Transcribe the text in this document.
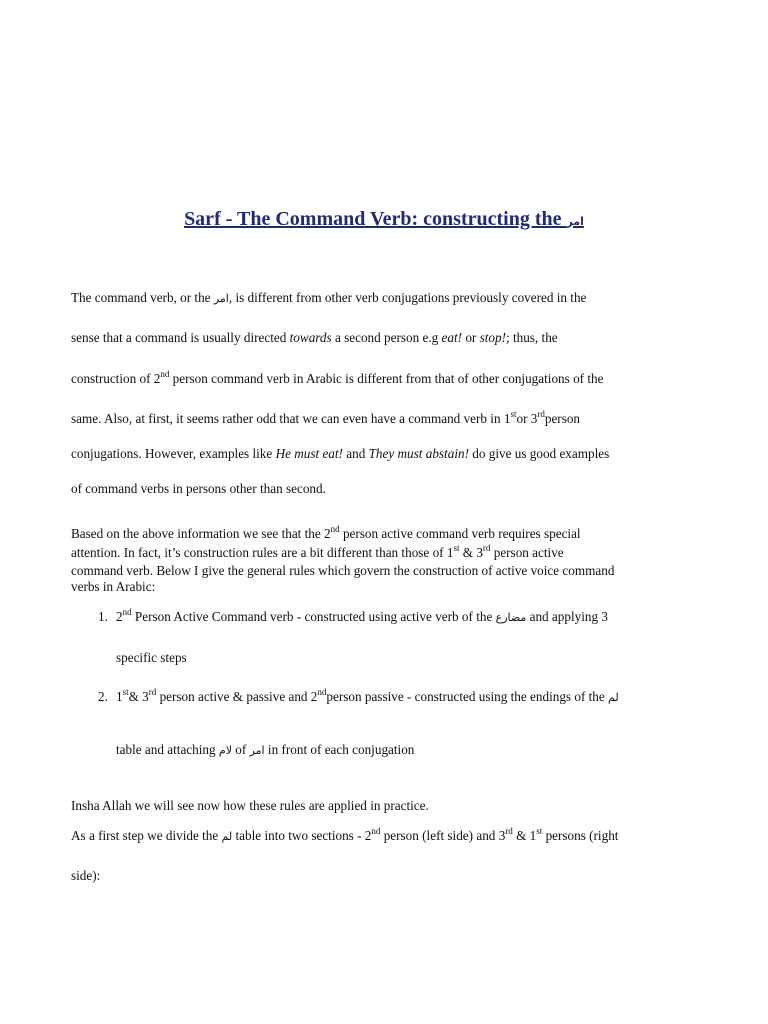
Sarf - The Command Verb: constructing the امر
The command verb, or the امر, is different from other verb conjugations previously covered in the
sense that a command is usually directed towards a second person e.g eat! or stop!; thus, the
construction of 2nd person command verb in Arabic is different from that of other conjugations of the
same. Also, at first, it seems rather odd that we can even have a command verb in 1stor 3rdperson
conjugations. However, examples like He must eat! and They must abstain! do give us good examples
of command verbs in persons other than second.
Based on the above information we see that the 2nd person active command verb requires special
attention. In fact, it’s construction rules are a bit different than those of 1st & 3rd person active
command verb. Below I give the general rules which govern the construction of active voice command
verbs in Arabic:
1. 2nd Person Active Command verb - constructed using active verb of the مضارع and applying 3
specific steps
2. 1st& 3rd person active & passive and 2ndperson passive - constructed using the endings of the لم
table and attaching لام of امر in front of each conjugation
Insha Allah we will see now how these rules are applied in practice.
As a first step we divide the لم table into two sections - 2nd person (left side) and 3rd & 1st persons (right
side):
